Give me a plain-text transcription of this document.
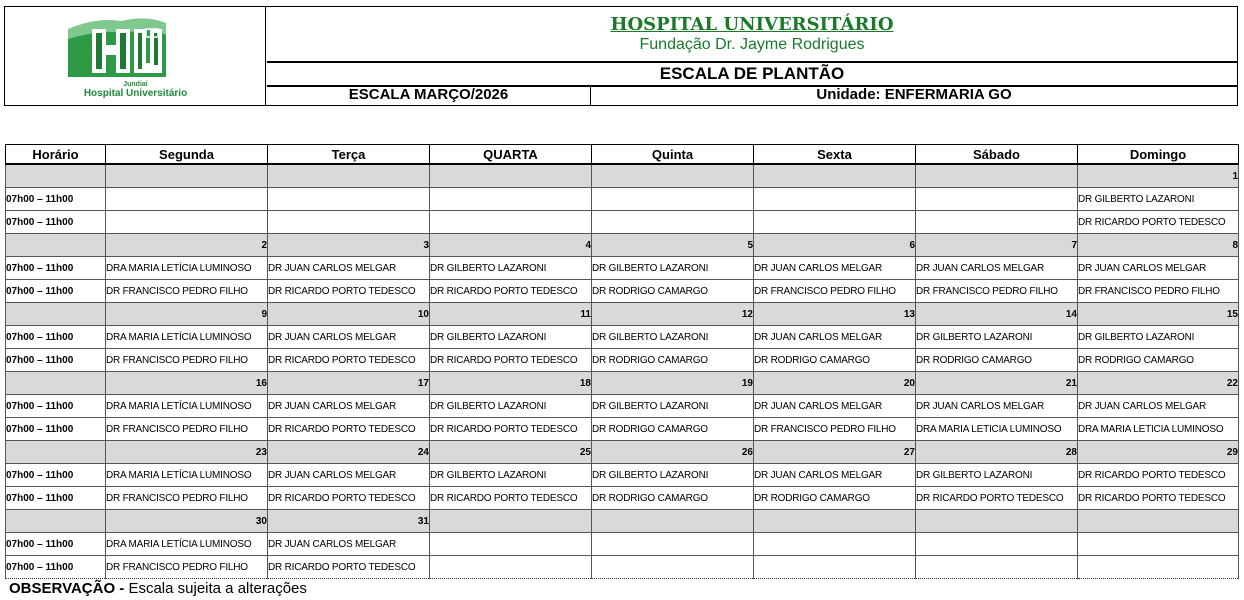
Jundiaí
Hospital Universitário
HOSPITAL UNIVERSITÁRIO
Fundação Dr. Jayme Rodrigues
ESCALA DE PLANTÃO
ESCALA MARÇO/2026	Unidade: ENFERMARIA GO
Horário	Segunda	Terça	QUARTA	Quinta	Sexta	Sábado	Domingo
							1
07h00 – 11h00							DR GILBERTO LAZARONI
07h00 – 11h00							DR RICARDO PORTO TEDESCO
	2	3	4	5	6	7	8
07h00 – 11h00	DRA MARIA LETÍCIA LUMINOSO	DR JUAN CARLOS MELGAR	DR GILBERTO LAZARONI	DR GILBERTO LAZARONI	DR JUAN CARLOS MELGAR	DR JUAN CARLOS MELGAR	DR JUAN CARLOS MELGAR
07h00 – 11h00	DR FRANCISCO PEDRO FILHO	DR RICARDO PORTO TEDESCO	DR RICARDO PORTO TEDESCO	DR RODRIGO CAMARGO	DR FRANCISCO PEDRO FILHO	DR FRANCISCO PEDRO FILHO	DR FRANCISCO PEDRO FILHO
	9	10	11	12	13	14	15
07h00 – 11h00	DRA MARIA LETÍCIA LUMINOSO	DR JUAN CARLOS MELGAR	DR GILBERTO LAZARONI	DR GILBERTO LAZARONI	DR JUAN CARLOS MELGAR	DR GILBERTO LAZARONI	DR GILBERTO LAZARONI
07h00 – 11h00	DR FRANCISCO PEDRO FILHO	DR RICARDO PORTO TEDESCO	DR RICARDO PORTO TEDESCO	DR RODRIGO CAMARGO	DR RODRIGO CAMARGO	DR RODRIGO CAMARGO	DR RODRIGO CAMARGO
	16	17	18	19	20	21	22
07h00 – 11h00	DRA MARIA LETÍCIA LUMINOSO	DR JUAN CARLOS MELGAR	DR GILBERTO LAZARONI	DR GILBERTO LAZARONI	DR JUAN CARLOS MELGAR	DR JUAN CARLOS MELGAR	DR JUAN CARLOS MELGAR
07h00 – 11h00	DR FRANCISCO PEDRO FILHO	DR RICARDO PORTO TEDESCO	DR RICARDO PORTO TEDESCO	DR RODRIGO CAMARGO	DR FRANCISCO PEDRO FILHO	DRA MARIA LETICIA LUMINOSO	DRA MARIA LETICIA LUMINOSO
	23	24	25	26	27	28	29
07h00 – 11h00	DRA MARIA LETÍCIA LUMINOSO	DR JUAN CARLOS MELGAR	DR GILBERTO LAZARONI	DR GILBERTO LAZARONI	DR JUAN CARLOS MELGAR	DR GILBERTO LAZARONI	DR RICARDO PORTO TEDESCO
07h00 – 11h00	DR FRANCISCO PEDRO FILHO	DR RICARDO PORTO TEDESCO	DR RICARDO PORTO TEDESCO	DR RODRIGO CAMARGO	DR RODRIGO CAMARGO	DR RICARDO PORTO TEDESCO	DR RICARDO PORTO TEDESCO
	30	31					
07h00 – 11h00	DRA MARIA LETÍCIA LUMINOSO	DR JUAN CARLOS MELGAR					
07h00 – 11h00	DR FRANCISCO PEDRO FILHO	DR RICARDO PORTO TEDESCO					
OBSERVAÇÃO - Escala sujeita a alterações
